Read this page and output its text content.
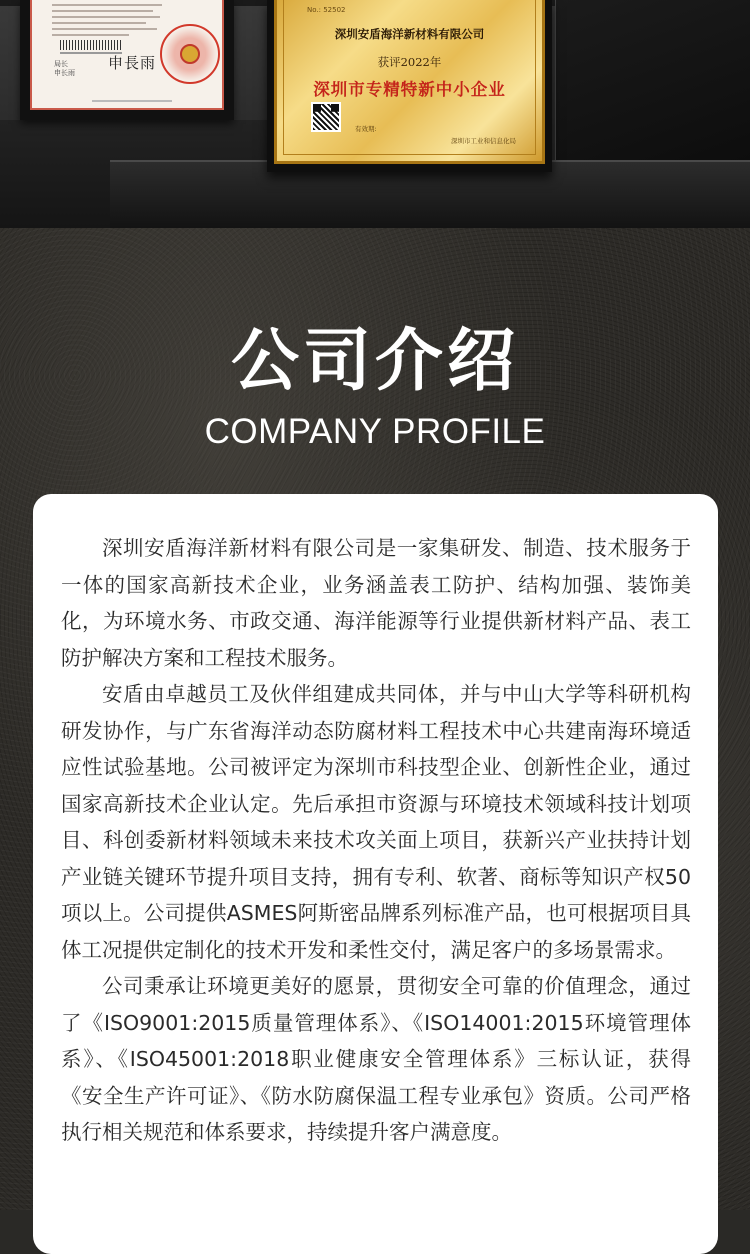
局长
申长雨
申長雨
No.: 52502
深圳安盾海洋新材料有限公司
获评2022年
深圳市专精特新中小企业
有效期:
深圳市工业和信息化局
公司介绍
COMPANY PROFILE

深圳安盾海洋新材料有限公司是一家集研发、制造、技术服务于一体的国家高新技术企业，业务涵盖表工防护、结构加强、装饰美化，为环境水务、市政交通、海洋能源等行业提供新材料产品、表工防护解决方案和工程技术服务。

安盾由卓越员工及伙伴组建成共同体，并与中山大学等科研机构研发协作，与广东省海洋动态防腐材料工程技术中心共建南海环境适应性试验基地。公司被评定为深圳市科技型企业、创新性企业，通过国家高新技术企业认定。先后承担市资源与环境技术领域科技计划项目、科创委新材料领域未来技术攻关面上项目，获新兴产业扶持计划产业链关键环节提升项目支持，拥有专利、软著、商标等知识产权50项以上。公司提供ASMES阿斯密品牌系列标准产品，也可根据项目具体工况提供定制化的技术开发和柔性交付，满足客户的多场景需求。

公司秉承让环境更美好的愿景，贯彻安全可靠的价值理念，通过了《ISO9001:2015质量管理体系》、《ISO14001:2015环境管理体系》、《ISO45001:2018职业健康安全管理体系》三标认证，获得《安全生产许可证》、《防水防腐保温工程专业承包》资质。公司严格执行相关规范和体系要求，持续提升客户满意度。
